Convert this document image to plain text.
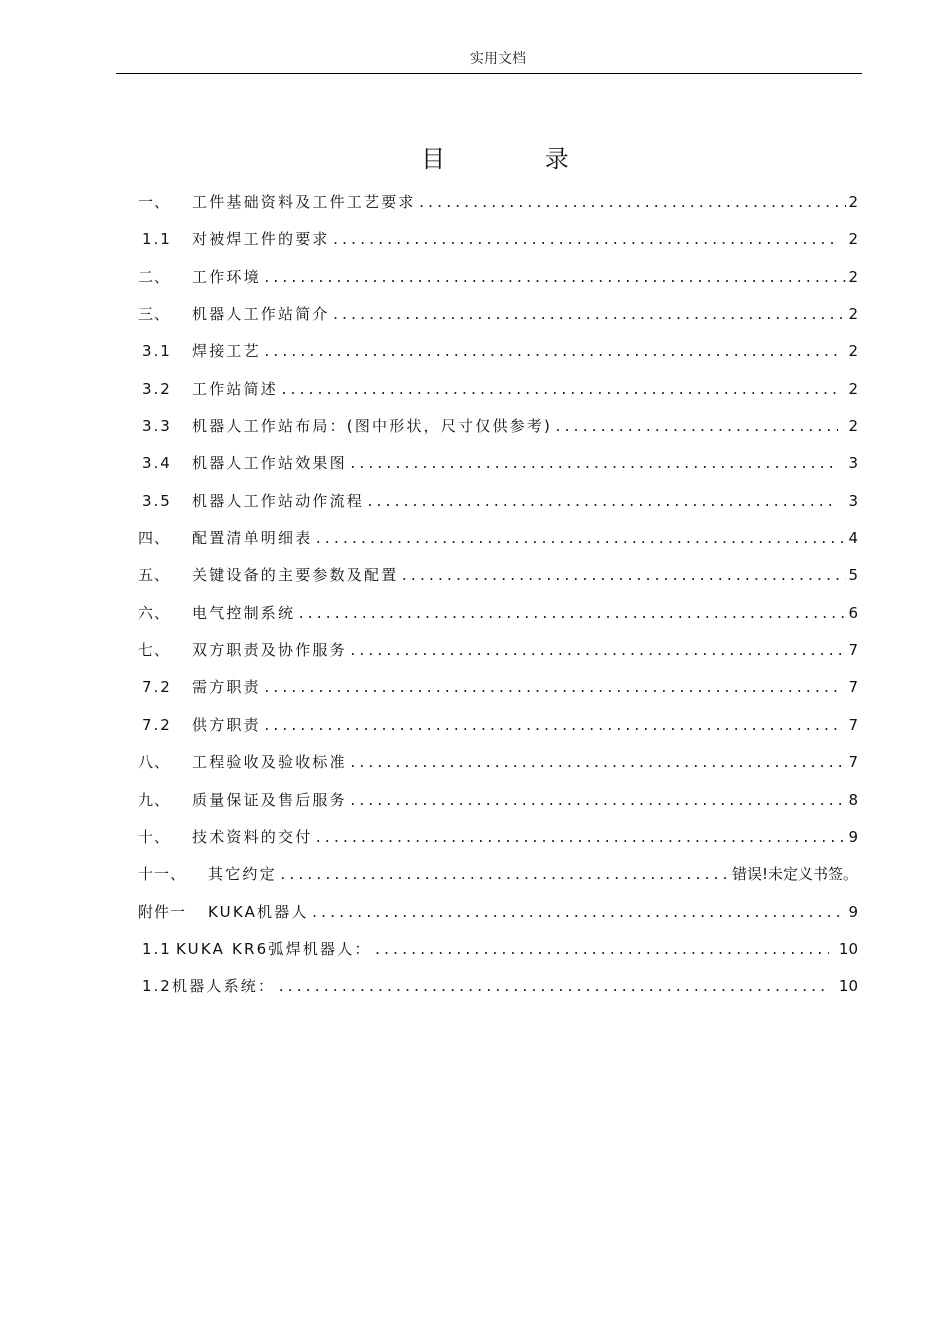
实用文档
目 录
一、	工件基础资料及工件工艺要求 .....	2
1.1	对被焊工件的要求 .....	2
二、	工作环境 .....	2
三、	机器人工作站简介 .....	2
3.1	焊接工艺 .....	2
3.2	工作站简述 .....	2
3.3	机器人工作站布局：(图中形状，尺寸仅供参考) .....	2
3.4	机器人工作站效果图 .....	3
3.5	机器人工作站动作流程 .....	3
四、	配置清单明细表 .....	4
五、	关键设备的主要参数及配置 .....	5
六、	电气控制系统 .....	6
七、	双方职责及协作服务 .....	7
7.2	需方职责 .....	7
7.2	供方职责 .....	7
八、	工程验收及验收标准 .....	7
九、	质量保证及售后服务 .....	8
十、	技术资料的交付 .....	9
十一、	其它约定 .....	错误!未定义书签。
附件一	KUKA机器人 .....	9
1.1 KUKA KR6弧焊机器人： .....	10
1.2 机器人系统： .....	10
